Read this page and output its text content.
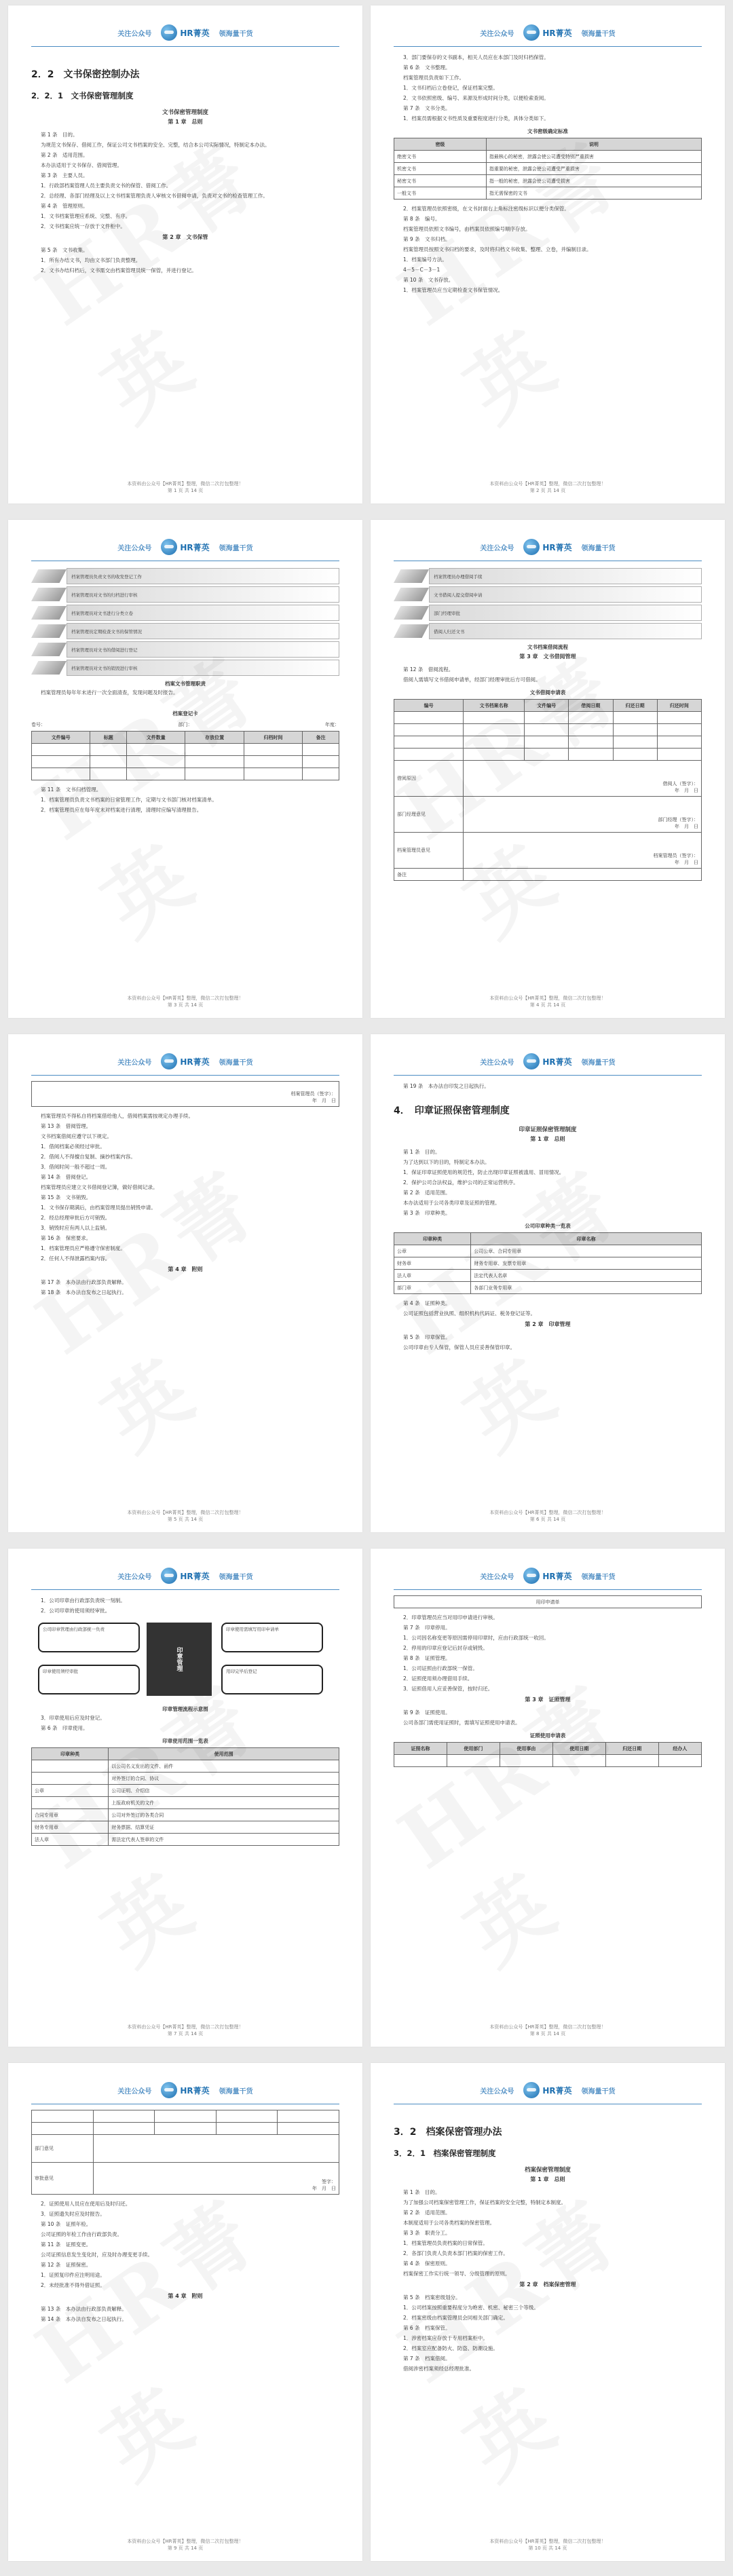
关注公众号	HR菁英 领海量干货
2．2　文书保密控制办法
2．2．1　文书保密管理制度
文书保密管理制度
第 1 章　总则

第 1 条　目的。

为规范文书保存、借阅工作，保证公司文书档案的安全、完整，结合本公司实际情况，特制定本办法。

第 2 条　适用范围。

本办法适用于文书保存、借阅管理。

第 3 条　主要人员。

1．行政部档案管理人员主要负责文书的保管、借阅工作。

2．总经理、各部门经理及以上文书档案管理负责人审核文书借阅申请，负责对文书的检查管理工作。

第 4 条　管理原则。

1．文书档案管理应系统、完整、有序。

2．文书档案应统一存放于文件柜中。

第 2 章　文书保管

第 5 条　文书收集。

1．所有办结文书，均由文书部门负责整理。

2．文书办结归档后，文书需交由档案管理员统一保管，并进行登记。

本资料由公众号【HR菁英】整理，微信二次打包整理！
第 1 页 共 14 页
关注公众号	HR菁英 领海量干货

3．部门要保存的文书副本，相关人员应在本部门及时归档保管。

第 6 条　文书整理。

档案管理员负责如下工作。

1．文书归档后立卷登记，保证档案完整。

2．文书依照密级、编号、来源及形成时间分类，以便检索查阅。

第 7 条　文书分类。

1．档案员需根据文书性质及重要程度进行分类，具体分类如下。

文书密级确定标准
密级	说明
绝密文书	指最核心的秘密，泄露会使公司遭受特别严重损害
机密文书	指重要的秘密，泄露会使公司遭受严重损害
秘密文书	指一般的秘密，泄露会使公司遭受损害
一般文书	指无需保密的文书

2．档案管理员依照密级，在文书封面右上角标注密级标识以便分类保管。

第 8 条　编号。

档案管理员依照文书编号，由档案员依照编号顺序存放。

第 9 条　文书归档。

档案管理员按照文书归档的要求，及时将归档文书收集、整理、立卷，并编制目录。

1．档案编号方法。

4－5－C－3－1

第 10 条　文书存放。

1．档案管理员应当定期检查文书保管情况。

本资料由公众号【HR菁英】整理，微信二次打包整理！
第 2 页 共 14 页
关注公众号	HR菁英 领海量干货
档案管理员负责文书的收发登记工作
档案管理员对文书的归档进行审核
档案管理员对文书进行分类立卷
档案管理员定期检查文书的保管情况
档案管理员对文书的借阅进行登记
档案管理员对文书的销毁进行审核
档案文书管理职责

档案管理员每年年末进行一次全面清查，发现问题及时报告。

档案登记卡
卷号：	部门：	年度：
文件编号	标题	文件数量	存放位置	归档时间	备注

第 11 条　文书归档管理。

1．档案管理员负责文书档案的日常管理工作，定期与文书部门核对档案清单。

2．档案管理员应在每年度末对档案进行清理，清理时应编写清理报告。

本资料由公众号【HR菁英】整理，微信二次打包整理！
第 3 页 共 14 页
关注公众号	HR菁英 领海量干货
档案管理员办理借阅手续
文书借阅人提交借阅申请
部门经理审批
借阅人归还文书
文书档案借阅流程
第 3 章　文书借阅管理

第 12 条　借阅流程。

借阅人需填写文书借阅申请单，经部门经理审批后方可借阅。

文书借阅申请表
编号	文书档案名称	文件编号	借阅日期	归还日期	归还时间

借阅原因	借阅人（签字）：
年　月　日				

部门经理意见	部门经理（签字）：
年　月　日				

档案管理员意见	档案管理员（签字）：
年　月　日				

备注					
本资料由公众号【HR菁英】整理，微信二次打包整理！
第 4 页 共 14 页
关注公众号	HR菁英 领海量干货
档案管理员（签字）：
年　月　日

档案管理员不得私自将档案借给他人，借阅档案需按规定办理手续。

第 13 条　借阅管理。

文书档案借阅应遵守以下规定。

1．借阅档案必须经过审批。

2．借阅人不得擅自复制、摘抄档案内容。

3．借阅时间一般不超过一周。

第 14 条　借阅登记。

档案管理员应建立文书借阅登记簿，做好借阅记录。

第 15 条　文书销毁。

1．文书保存期满后，由档案管理员提出销毁申请。

2．经总经理审批后方可销毁。

3．销毁时应有两人以上监销。

第 16 条　保密要求。

1．档案管理员应严格遵守保密制度。

2．任何人不得泄露档案内容。

第 4 章　附则

第 17 条　本办法由行政部负责解释。

第 18 条　本办法自发布之日起执行。

本资料由公众号【HR菁英】整理，微信二次打包整理！
第 5 页 共 14 页
关注公众号	HR菁英 领海量干货

第 19 条　本办法自印发之日起执行。

4．　印章证照保密管理制度
印章证照保密管理制度
第 1 章　总则

第 1 条　目的。

为了达到以下的目的，特制定本办法。

1．保证印章证照使用的规范性，防止出现印章证照被滥用、冒用情况。

2．保护公司合法权益，维护公司的正常运营秩序。

第 2 条　适用范围。

本办法适用于公司各类印章及证照的管理。

第 3 条　印章种类。

公司印章种类一览表
印章种类	印章名称
公章	公司公章、合同专用章
财务章	财务专用章、发票专用章
法人章	法定代表人名章
部门章	各部门业务专用章

第 4 条　证照种类。

公司证照包括营业执照、组织机构代码证、税务登记证等。

第 2 章　印章管理

第 5 条　印章保管。

公司印章由专人保管，保管人员应妥善保管印章。

本资料由公众号【HR菁英】整理，微信二次打包整理！
第 6 页 共 14 页
关注公众号	HR菁英 领海量干货

1．公司印章由行政部负责统一刻制。

2．公司印章的使用须经审批。

公司印章管理由行政部统一负责	印章使用需填写用印申请单
印章使用须经审批	用印完毕后登记
印章管理
印章管理流程示意图

3．印章使用后应及时登记。

第 6 条　印章使用。

印章使用范围一览表
印章种类	使用范围
	以公司名义发出的文件、函件
	对外签订的合同、协议
公章	公司证明、介绍信
	上报政府机关的文件
合同专用章	公司对外签订的各类合同
财务专用章	财务票据、结算凭证
法人章	需法定代表人签章的文件
本资料由公众号【HR菁英】整理，微信二次打包整理！
第 7 页 共 14 页
关注公众号	HR菁英 领海量干货
用印申请单

2．印章管理员应当对用印申请进行审核。

第 7 条　印章停用。

1．公司因名称变更等原因需停用印章时，应由行政部统一收回。

2．停用的印章应登记后封存或销毁。

第 8 条　证照管理。

1．公司证照由行政部统一保管。

2．证照使用须办理借用手续。

3．证照借用人应妥善保管，按时归还。

第 3 章　证照管理

第 9 条　证照使用。

公司各部门需使用证照时，需填写证照使用申请表。

证照使用申请表
证照名称	使用部门	使用事由	使用日期	归还日期	经办人

本资料由公众号【HR菁英】整理，微信二次打包整理！
第 8 页 共 14 页
关注公众号	HR菁英 领海量干货

部门意见				
审批意见	签字：
年　月　日			

2．证照使用人员应在使用后及时归还。

3．证照遗失时应及时报告。

第 10 条　证照年检。

公司证照的年检工作由行政部负责。

第 11 条　证照变更。

公司证照信息发生变化时，应及时办理变更手续。

第 12 条　证照保密。

1．证照复印件应注明用途。

2．未经批准不得外借证照。

第 4 章　附则

第 13 条　本办法由行政部负责解释。

第 14 条　本办法自发布之日起执行。

本资料由公众号【HR菁英】整理，微信二次打包整理！
第 9 页 共 14 页
关注公众号	HR菁英 领海量干货
3．2　档案保密管理办法
3．2．1　档案保密管理制度
档案保密管理制度
第 1 章　总则

第 1 条　目的。

为了加强公司档案保密管理工作，保证档案的安全完整，特制定本制度。

第 2 条　适用范围。

本制度适用于公司各类档案的保密管理。

第 3 条　职责分工。

1．档案管理员负责档案的日常保管。

2．各部门负责人负责本部门档案的保密工作。

第 4 条　保密原则。

档案保密工作实行统一领导、分级管理的原则。

第 2 章　档案保密管理

第 5 条　档案密级划分。

1．公司档案按照重要程度分为绝密、机密、秘密三个等级。

2．档案密级由档案管理员会同相关部门确定。

第 6 条　档案保管。

1．涉密档案应存放于专用档案柜中。

2．档案室应配备防火、防盗、防潮设施。

第 7 条　档案借阅。

借阅涉密档案须经总经理批准。

本资料由公众号【HR菁英】整理，微信二次打包整理！
第 10 页 共 14 页
